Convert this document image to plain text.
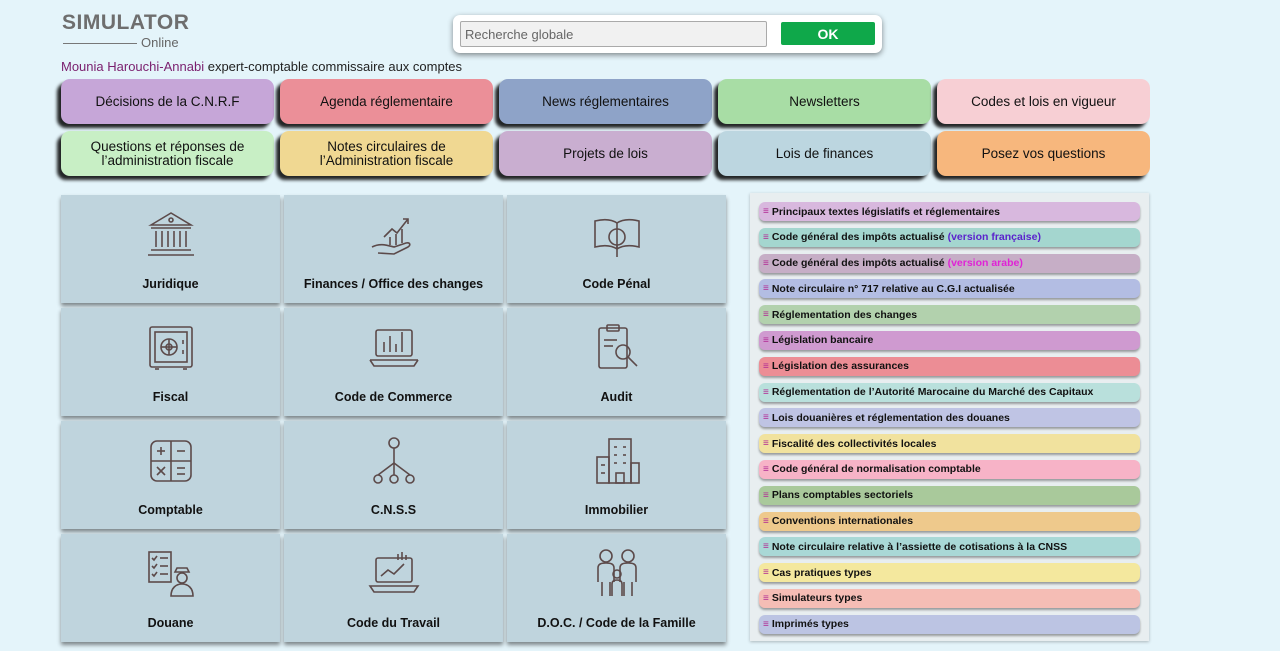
SIMULATOR
Online
Mounia Harouchi-Annabi expert-comptable commissaire aux comptes
Recherche globale
OK
Décisions de la C.N.R.F	Agenda réglementaire	News réglementaires	Newsletters	Codes et lois en vigueur
Questions et réponses de l’administration fiscale
Notes circulaires de l’Administration fiscale	Projets de lois	Lois de finances	Posez vos questions
Juridique	Finances / Office des changes	Code Pénal
Fiscal	Code de Commerce	Audit
Comptable	C.N.S.S	Immobilier
Douane	Code du Travail	D.O.C. / Code de la Famille
≡ Principaux textes législatifs et réglementaires
≡ Code général des impôts actualisé (version française)
≡ Code général des impôts actualisé (version arabe)
≡ Note circulaire n° 717 relative au C.G.I actualisée
≡ Réglementation des changes
≡ Législation bancaire
≡ Législation des assurances
≡ Réglementation de l’Autorité Marocaine du Marché des Capitaux
≡ Lois douanières et réglementation des douanes
≡ Fiscalité des collectivités locales
≡ Code général de normalisation comptable
≡ Plans comptables sectoriels
≡ Conventions internationales
≡ Note circulaire relative à l’assiette de cotisations à la CNSS
≡ Cas pratiques types
≡ Simulateurs types
≡ Imprimés types
